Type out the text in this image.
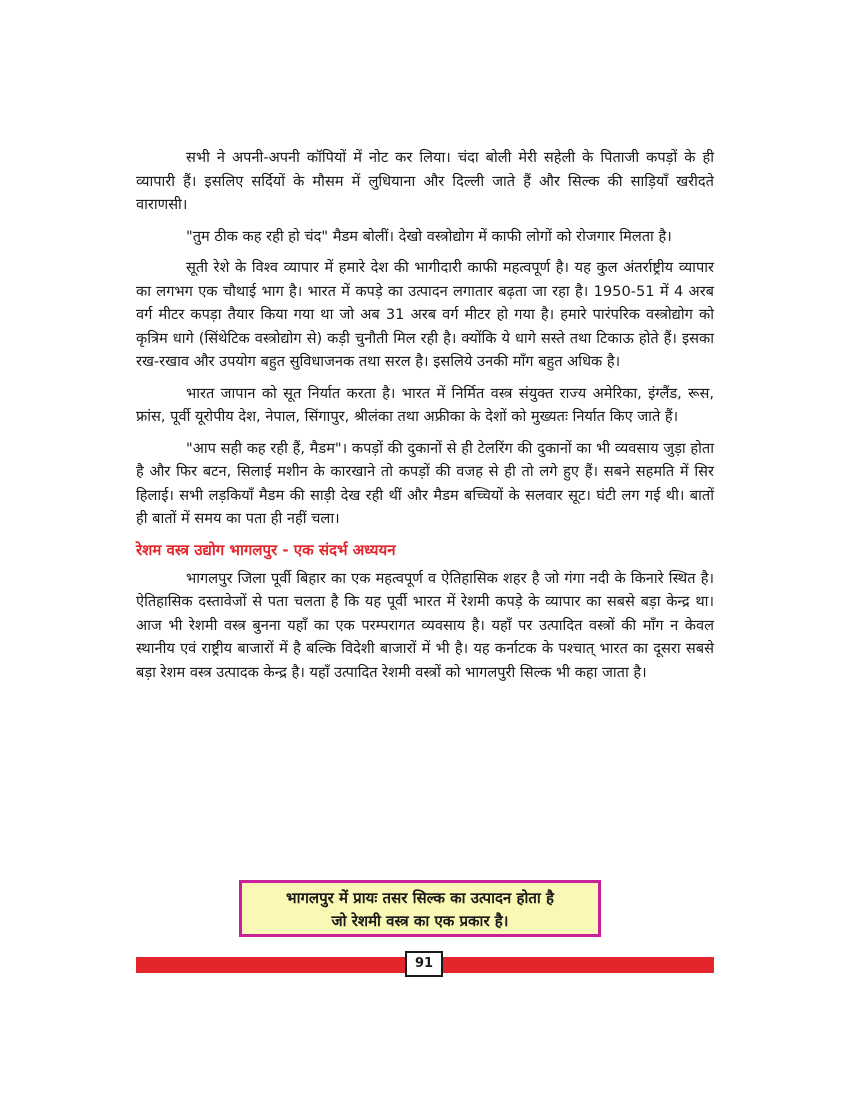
सभी ने अपनी-अपनी कॉपियों में नोट कर लिया। चंदा बोली मेरी सहेली के पिताजी कपड़ों के ही व्यापारी हैं। इसलिए सर्दियों के मौसम में लुधियाना और दिल्ली जाते हैं और सिल्क की साड़ियाँ खरीदते वाराणसी।

"तुम ठीक कह रही हो चंद" मैडम बोलीं। देखो वस्त्रोद्योग में काफी लोगों को रोजगार मिलता है।

सूती रेशे के विश्व व्यापार में हमारे देश की भागीदारी काफी महत्वपूर्ण है। यह कुल अंतर्राष्ट्रीय व्यापार का लगभग एक चौथाई भाग है। भारत में कपड़े का उत्पादन लगातार बढ़ता जा रहा है। 1950-51 में 4 अरब वर्ग मीटर कपड़ा तैयार किया गया था जो अब 31 अरब वर्ग मीटर हो गया है। हमारे पारंपरिक वस्त्रोद्योग को कृत्रिम धागे (सिंथेटिक वस्त्रोद्योग से) कड़ी चुनौती मिल रही है। क्योंकि ये धागे सस्ते तथा टिकाऊ होते हैं। इसका रख-रखाव और उपयोग बहुत सुविधाजनक तथा सरल है। इसलिये उनकी माँग बहुत अधिक है।

भारत जापान को सूत निर्यात करता है। भारत में निर्मित वस्त्र संयुक्त राज्य अमेरिका, इंग्लैंड, रूस, फ्रांस, पूर्वी यूरोपीय देश, नेपाल, सिंगापुर, श्रीलंका तथा अफ्रीका के देशों को मुख्यतः निर्यात किए जाते हैं।

"आप सही कह रही हैं, मैडम"। कपड़ों की दुकानों से ही टेलरिंग की दुकानों का भी व्यवसाय जुड़ा होता है और फिर बटन, सिलाई मशीन के कारखाने तो कपड़ों की वजह से ही तो लगे हुए हैं। सबने सहमति में सिर हिलाई। सभी लड़कियाँ मैडम की साड़ी देख रही थीं और मैडम बच्चियों के सलवार सूट। घंटी लग गई थी। बातों ही बातों में समय का पता ही नहीं चला।

रेशम वस्त्र उद्योग भागलपुर - एक संदर्भ अध्ययन

भागलपुर जिला पूर्वी बिहार का एक महत्वपूर्ण व ऐतिहासिक शहर है जो गंगा नदी के किनारे स्थित है। ऐतिहासिक दस्तावेजों से पता चलता है कि यह पूर्वी भारत में रेशमी कपड़े के व्यापार का सबसे बड़ा केन्द्र था। आज भी रेशमी वस्त्र बुनना यहाँ का एक परम्परागत व्यवसाय है। यहाँ पर उत्पादित वस्त्रों की माँग न केवल स्थानीय एवं राष्ट्रीय बाजारों में है बल्कि विदेशी बाजारों में भी है। यह कर्नाटक के पश्चात् भारत का दूसरा सबसे बड़ा रेशम वस्त्र उत्पादक केन्द्र है। यहाँ उत्पादित रेशमी वस्त्रों को भागलपुरी सिल्क भी कहा जाता है।

भागलपुर में प्रायः तसर सिल्क का उत्पादन होता है
जो रेशमी वस्त्र का एक प्रकार है।
91
